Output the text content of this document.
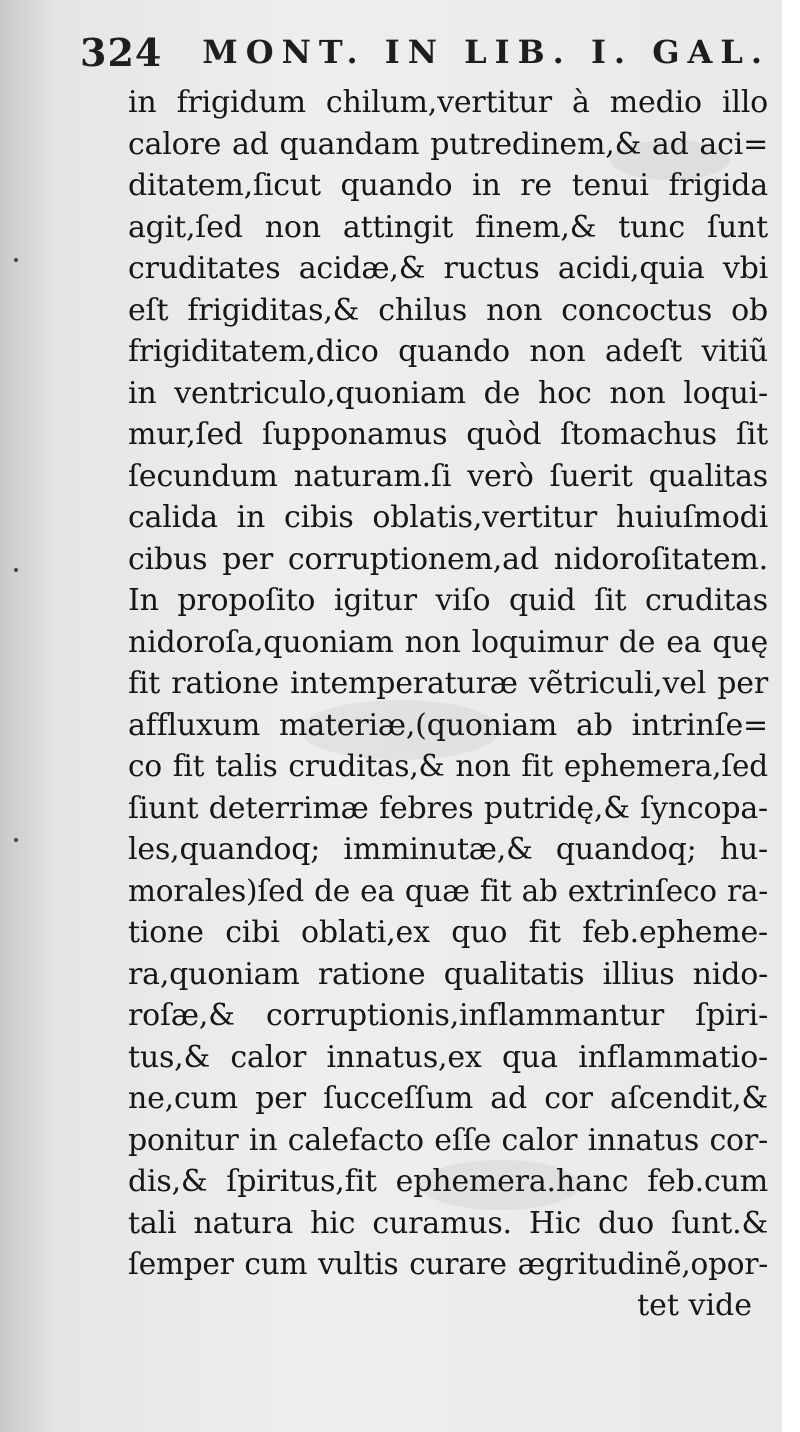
324	MONT. IN LIB. I. GAL.
in frigidum chilum,vertitur à medio illo
calore ad quandam putredinem,& ad aci=
ditatem,ſicut quando in re tenui frigida
agit,ſed non attingit finem,& tunc ſunt
cruditates acidæ,& ructus acidi,quia vbi
eſt frigiditas,& chilus non concoctus ob
frigiditatem,dico quando non adeſt vitiũ
in ventriculo,quoniam de hoc non loqui-
mur,ſed ſupponamus quòd ſtomachus ſit
ſecundum naturam.ſi verò ſuerit qualitas
calida in cibis oblatis,vertitur huiuſmodi
cibus per corruptionem,ad nidoroſitatem.
In propoſito igitur viſo quid ſit cruditas
nidoroſa,quoniam non loquimur de ea quę
fit ratione intemperaturæ vẽtriculi,vel per
affluxum materiæ,(quoniam ab intrinſe=
co fit talis cruditas,& non fit ephemera,ſed
ſiunt deterrimæ febres putridę,& ſyncopa-
les,quandoq; imminutæ,& quandoq; hu-
morales)ſed de ea quæ fit ab extrinſeco ra-
tione cibi oblati,ex quo fit feb.epheme-
ra,quoniam ratione qualitatis illius nido-
roſæ,& corruptionis,inflammantur ſpiri-
tus,& calor innatus,ex qua inflammatio-
ne,cum per ſucceſſum ad cor aſcendit,&
ponitur in calefacto eſſe calor innatus cor-
dis,& ſpiritus,fit ephemera.hanc feb.cum
tali natura hic curamus. Hic duo ſunt.&
ſemper cum vultis curare ægritudinẽ,opor-
tet vide
